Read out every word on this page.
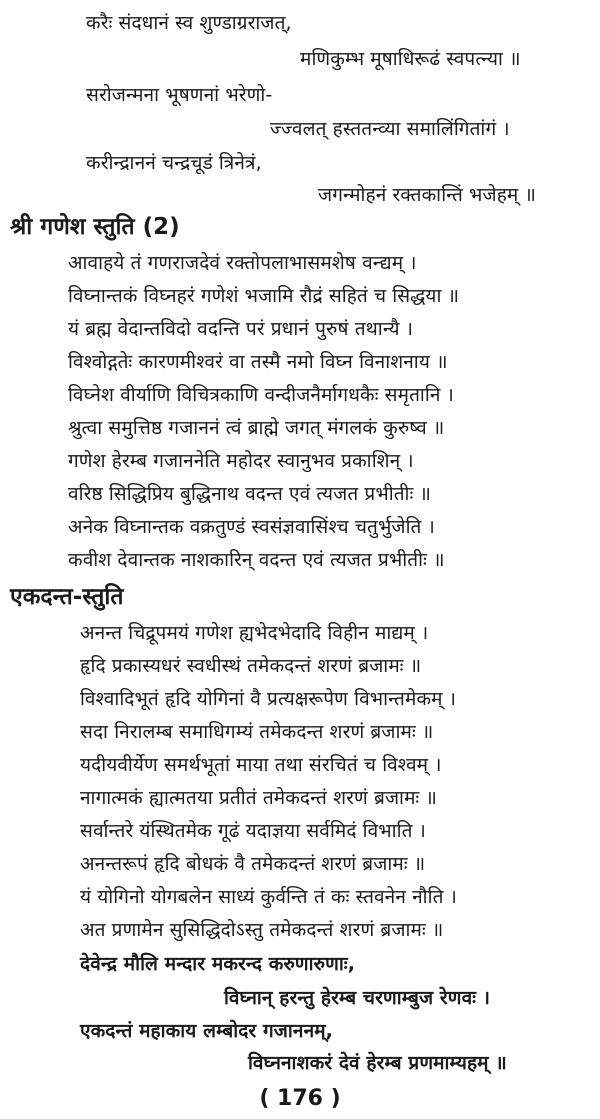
करैः संदधानं स्व शुण्डाग्रराजत्,
मणिकुम्भ मूषाधिरूढं स्वपत्न्या ॥
सरोजन्मना भूषणनां भरेणो-
ज्ज्वलत् हस्ततन्व्या समालिंगितांगं ।
करीन्द्राननं चन्द्रचूडं त्रिनेत्रं,
जगन्मोहनं रक्तकान्तिं भजेहम् ॥
श्री गणेश स्तुति (2)
आवाहये तं गणराजदेवं रक्तोपलाभासमशेष वन्द्यम् ।
विघ्नान्तकं विघ्नहरं गणेशं भजामि रौद्रं सहितं च सिद्धया ॥
यं ब्रह्म वेदान्तविदो वदन्ति परं प्रधानं पुरुषं तथान्यै ।
विश्वोद्गतेः कारणमीश्वरं वा तस्मै नमो विघ्न विनाशनाय ॥
विघ्नेश वीर्याणि विचित्रकाणि वन्दीजनैर्मागधकैः समृतानि ।
श्रुत्वा समुत्तिष्ठ गजाननं त्वं ब्राह्मे जगत् मंगलकं कुरुष्व ॥
गणेश हेरम्ब गजाननेति महोदर स्वानुभव प्रकाशिन् ।
वरिष्ठ सिद्धिप्रिय बुद्धिनाथ वदन्त एवं त्यजत प्रभीतीः ॥
अनेक विघ्नान्तक वक्रतुण्डं स्वसंज्ञवासिंश्च चतुर्भुजेति ।
कवीश देवान्तक नाशकारिन् वदन्त एवं त्यजत प्रभीतीः ॥
एकदन्त-स्तुति
अनन्त चिद्रूपमयं गणेश ह्यभेदभेदादि विहीन माद्यम् ।
हृदि प्रकास्यधरं स्वधीस्थं तमेकदन्तं शरणं ब्रजामः ॥
विश्वादिभूतं हृदि योगिनां वै प्रत्यक्षरूपेण विभान्तमेकम् ।
सदा निरालम्ब समाधिगम्यं तमेकदन्त शरणं ब्रजामः ॥
यदीयवीर्येण समर्थभूतां माया तथा संरचितं च विश्वम् ।
नागात्मकं ह्यात्मतया प्रतीतं तमेकदन्तं शरणं ब्रजामः ॥
सर्वान्तरे यंस्थितमेक गूढं यदाज्ञया सर्वमिदं विभाति ।
अनन्तरूपं हृदि बोधकं वै तमेकदन्तं शरणं ब्रजामः ॥
यं योगिनो योगबलेन साध्यं कुर्वन्ति तं कः स्तवनेन नौति ।
अत प्रणामेन सुसिद्धिदोऽस्तु तमेकदन्तं शरणं ब्रजामः ॥
देवेन्द्र मौलि मन्दार मकरन्द करुणारुणाः,
विघ्नान् हरन्तु हेरम्ब चरणाम्बुज रेणवः ।
एकदन्तं महाकाय लम्बोदर गजाननम्,
विघ्ननाशकरं देवं हेरम्ब प्रणमाम्यहम् ॥
( 176 )
